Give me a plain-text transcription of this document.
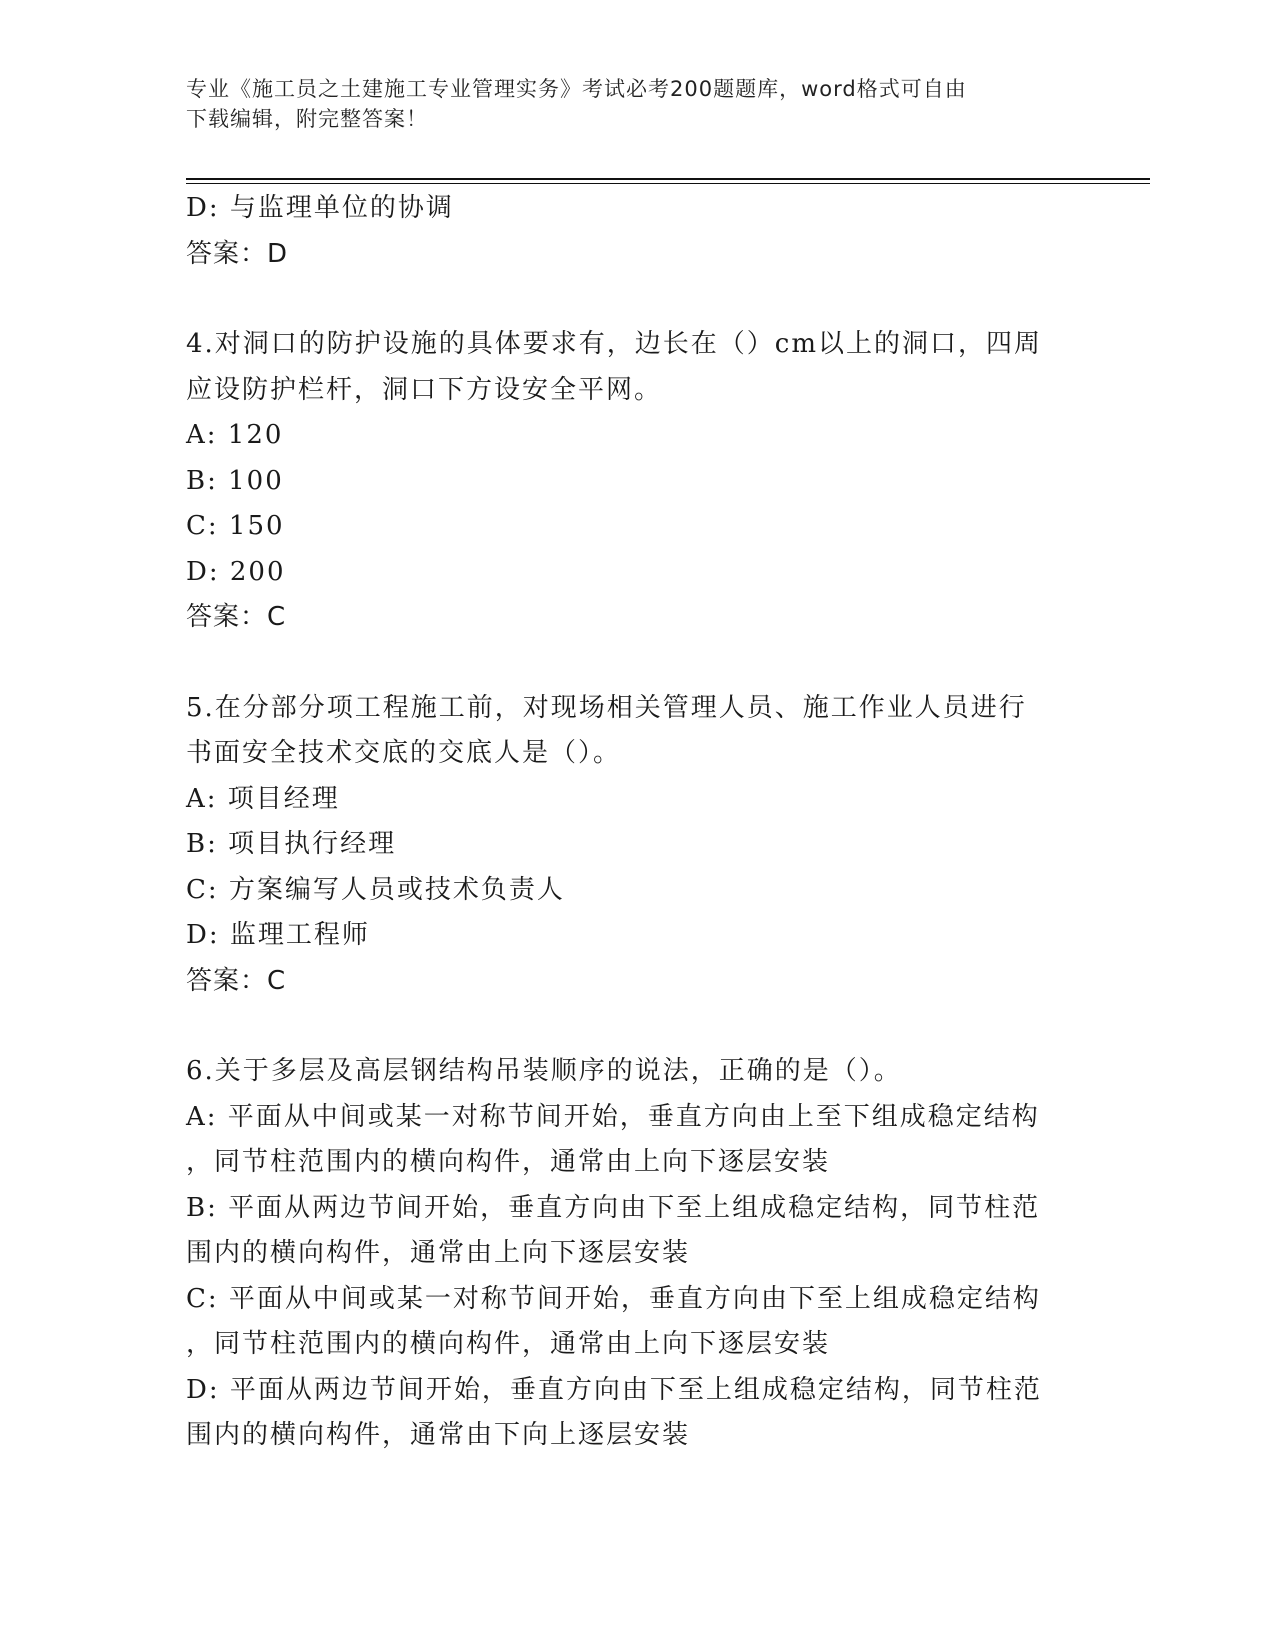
专业《施工员之土建施工专业管理实务》考试必考200题题库，word格式可自由
下载编辑，附完整答案！
D: 与监理单位的协调
答案：D
4.对洞口的防护设施的具体要求有，边长在（）cm以上的洞口，四周
应设防护栏杆，洞口下方设安全平网。
A: 120
B: 100
C: 150
D: 200
答案：C
5.在分部分项工程施工前，对现场相关管理人员、施工作业人员进行
书面安全技术交底的交底人是（）。
A: 项目经理
B: 项目执行经理
C: 方案编写人员或技术负责人
D: 监理工程师
答案：C
6.关于多层及高层钢结构吊装顺序的说法，正确的是（）。
A: 平面从中间或某一对称节间开始，垂直方向由上至下组成稳定结构
，同节柱范围内的横向构件，通常由上向下逐层安装
B: 平面从两边节间开始，垂直方向由下至上组成稳定结构，同节柱范
围内的横向构件，通常由上向下逐层安装
C: 平面从中间或某一对称节间开始，垂直方向由下至上组成稳定结构
，同节柱范围内的横向构件，通常由上向下逐层安装
D: 平面从两边节间开始，垂直方向由下至上组成稳定结构，同节柱范
围内的横向构件，通常由下向上逐层安装
